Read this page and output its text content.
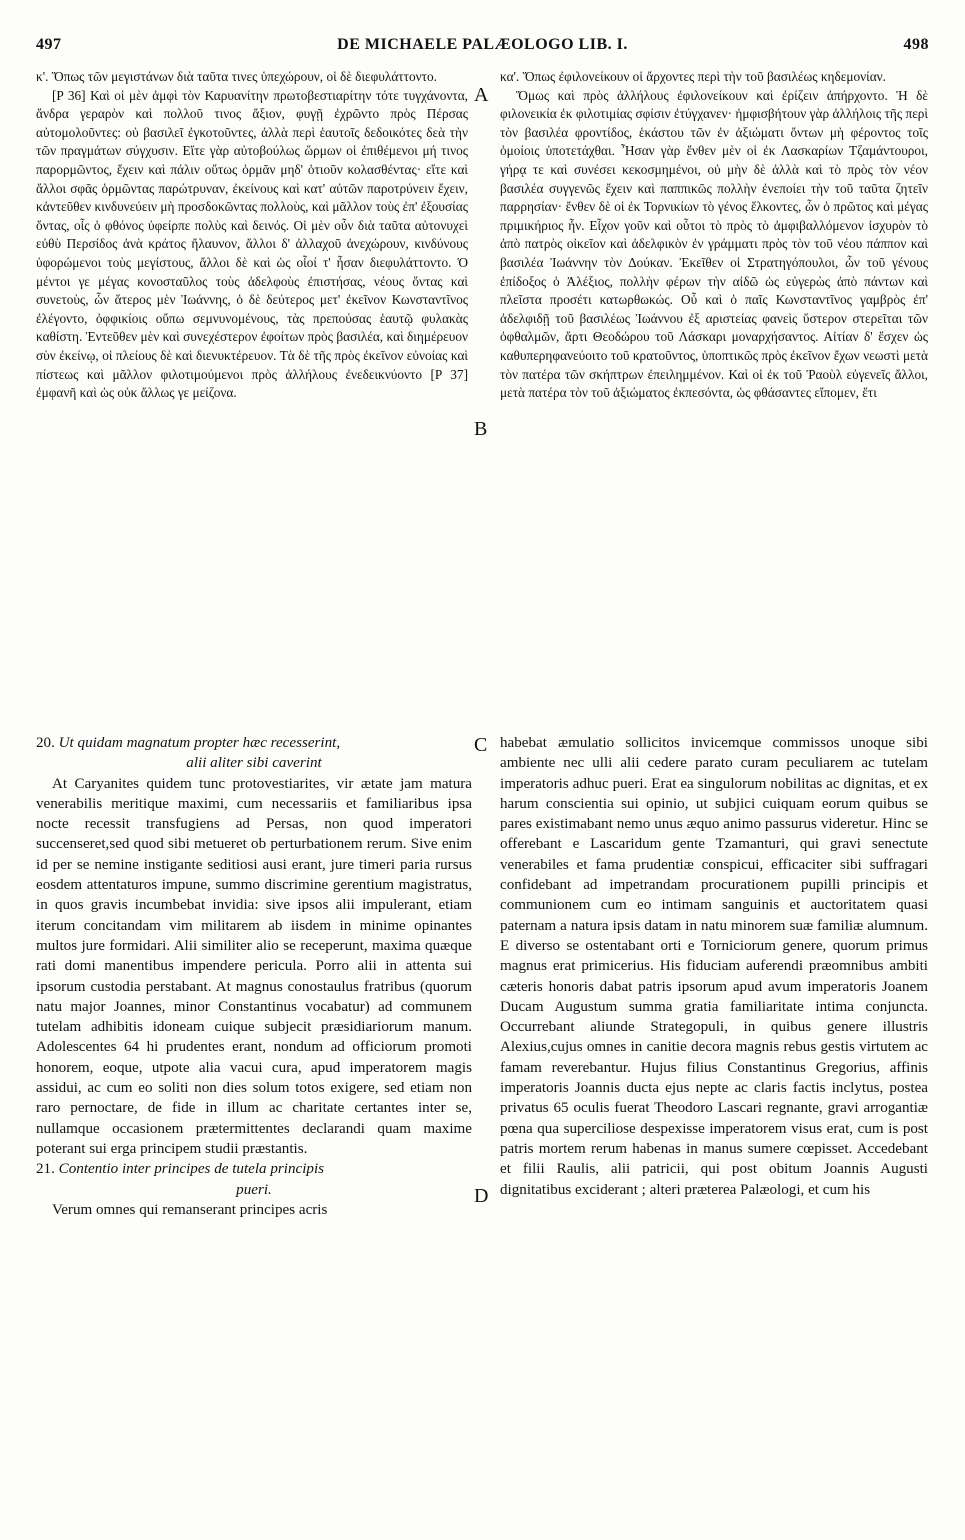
497	DE MICHAELE PALÆOLOGO LIB. I.	498
A
B
C
D
κ'. Ὅπως τῶν μεγιστάνων διὰ ταῦτα τινες ὑπεχώρουν, οἱ δὲ διεφυλάττοντο.
[P 36] Καὶ οἱ μὲν ἀμφὶ τὸν Καρυανίτην πρωτοβεστιαρίτην τότε τυγχάνοντα, ἄνδρα γεραρὸν καὶ πολλοῦ τινος ἄξιον, φυγῇ ἐχρῶντο πρὸς Πέρσας αὐτομολοῦντες: οὐ βασιλεῖ ἐγκοτοῦντες, ἀλλὰ περὶ ἑαυτοῖς δεδοικότες δεὰ τὴν τῶν πραγμάτων σύγχυσιν. Εἴτε γὰρ αὐτοβούλως ὥρμων οἱ ἐπιθέμενοι μή τινος παρορμῶντος, ἔχειν καὶ πάλιν οὕτως ὁρμᾶν μηδ' ὁτιοῦν κολασθέντας· εἴτε καὶ ἄλλοι σφᾶς ὁρμῶντας παρώτρυναν, ἐκείνους καὶ κατ' αὐτῶν παροτρύνειν ἔχειν, κἀντεῦθεν κινδυνεύειν μὴ προσδοκῶντας πολλοὺς, καὶ μᾶλλον τοὺς ἐπ' ἐξουσίας ὄντας, οἷς ὁ φθόνος ὑφείρπε πολὺς καὶ δεινός. Οἱ μὲν οὖν διὰ ταῦτα αὐτονυχεὶ εὐθὺ Περσίδος ἀνὰ κράτος ἤλαυνον, ἄλλοι δ' ἀλλαχοῦ ἀνεχώρουν, κινδύνους ὑφορώμενοι τοὺς μεγίστους, ἄλλοι δὲ καὶ ὡς οἷοί τ' ἦσαν διεφυλάττοντο. Ὁ μέντοι γε μέγας κονοσταῦλος τοὺς ἀδελφοὺς ἐπιστήσας, νέους ὄντας καὶ συνετοὺς, ὧν ἅτερος μὲν Ἰωάννης, ὁ δὲ δεύτερος μετ' ἐκεῖνον Κωνσταντῖνος ἐλέγοντο, ὀφφικίοις οὔπω σεμνυνομένους, τὰς πρεπούσας ἑαυτῷ φυλακὰς καθίστη. Ἐντεῦθεν μὲν καὶ συνεχέστερον ἐφοίτων πρὸς βασιλέα, καὶ διημέρευον σὺν ἐκείνῳ, οἱ πλείους δὲ καὶ διενυκτέρευον. Τὰ δὲ τῆς πρὸς ἐκεῖνον εὐνοίας καὶ πίστεως καὶ μᾶλλον φιλοτιμούμενοι πρὸς ἀλλήλους ἐνεδεικνύοντο [P 37] ἐμφανῆ καὶ ὡς οὐκ ἄλλως γε μείζονα.
κα'. Ὅπως ἐφιλονείκουν οἱ ἄρχοντες περὶ τὴν τοῦ βασιλέως κηδεμονίαν.
Ὅμως καὶ πρὸς ἀλλήλους ἐφιλονείκουν καὶ ἐρίζειν ἀπήρχοντο. Ἡ δὲ φιλονεικία ἐκ φιλοτιμίας σφίσιν ἐτύγχανεν· ἠμφισβήτουν γὰρ ἀλλήλοις τῆς περὶ τὸν βασιλέα φροντίδος, ἑκάστου τῶν ἐν ἀξιώματι ὄντων μὴ φέροντος τοῖς ὁμοίοις ὑποτετάχθαι. Ἦσαν γὰρ ἔνθεν μὲν οἱ ἐκ Λασκαρίων Τζαμάντουροι, γήρᾳ τε καὶ συνέσει κεκοσμημένοι, οὐ μὴν δὲ ἀλλὰ καὶ τὸ πρὸς τὸν νέον βασιλέα συγγενῶς ἔχειν καὶ παππικῶς πολλὴν ἐνεποίει τὴν τοῦ ταῦτα ζητεῖν παρρησίαν· ἔνθεν δὲ οἱ ἐκ Τορνικίων τὸ γένος ἕλκοντες, ὧν ὁ πρῶτος καὶ μέγας πριμικήριος ἦν. Εἶχον γοῦν καὶ οὗτοι τὸ πρὸς τὸ ἀμφιβαλλόμενον ἰσχυρὸν τὸ ἀπὸ πατρὸς οἰκεῖον καὶ ἀδελφικὸν ἐν γράμματι πρὸς τὸν τοῦ νέου πάππον καὶ βασιλέα Ἰωάννην τὸν Δούκαν. Ἐκεῖθεν οἱ Στρατηγόπουλοι, ὧν τοῦ γένους ἐπίδοξος ὁ Ἀλέξιος, πολλὴν φέρων τὴν αἰδῶ ὡς εὐγερὼς ἀπὸ πάντων καὶ πλεῖστα προσέτι κατωρθωκώς. Οὗ καὶ ὁ παῖς Κωνσταντῖνος γαμβρὸς ἐπ' ἀδελφιδῇ τοῦ βασιλέως Ἰωάννου ἐξ αριστείας φανεὶς ὕστερον στερεῖται τῶν ὀφθαλμῶν, ἄρτι Θεοδώρου τοῦ Λάσκαρι μοναρχήσαντος. Αἰτίαν δ' ἔσχεν ὡς καθυπερηφανεύοιτο τοῦ κρατοῦντος, ὑποπτικῶς πρὸς ἐκεῖνον ἔχων νεωστὶ μετὰ τὸν πατέρα τῶν σκήπτρων ἐπειλημμένον. Καὶ οἱ ἐκ τοῦ Ῥαοὺλ εὐγενεῖς ἄλλοι, μετὰ πατέρα τὸν τοῦ ἀξιώματος ἐκπεσόντα, ὡς φθάσαντες εἴπομεν, ἔτι
20. Ut quidam magnatum propter hæc recesserint,
alii aliter sibi caverint
At Caryanites quidem tunc protovestiarites, vir ætate jam matura venerabilis meritique maximi, cum necessariis et familiaribus ipsa nocte recessit transfugiens ad Persas, non quod imperatori succenseret,sed quod sibi metueret ob perturbationem rerum. Sive enim id per se nemine instigante seditiosi ausi erant, jure timeri paria rursus eosdem attentaturos impune, summo discrimine gerentium magistratus, in quos gravis incumbebat invidia: sive ipsos alii impulerant, etiam iterum concitandam vim militarem ab iisdem in minime opinantes multos jure formidari. Alii similiter alio se receperunt, maxima quæque rati domi manentibus impendere pericula. Porro alii in attenta sui ipsorum custodia perstabant. At magnus conostaulus fratribus (quorum natu major Joannes, minor Constantinus vocabatur) ad communem tutelam adhibitis idoneam cuique subjecit præsidiariorum manum. Adolescentes 64 hi prudentes erant, nondum ad officiorum promoti honorem, eoque, utpote alia vacui cura, apud imperatorem magis assidui, ac cum eo soliti non dies solum totos exigere, sed etiam non raro pernoctare, de fide in illum ac charitate certantes inter se, nullamque occasionem prætermittentes declarandi quam maxime poterant sui erga principem studii præstantis.
21. Contentio inter principes de tutela principis
pueri.
Verum omnes qui remanserant principes acris
habebat æmulatio sollicitos invicemque commissos unoque sibi ambiente nec ulli alii cedere parato curam peculiarem ac tutelam imperatoris adhuc pueri. Erat ea singulorum nobilitas ac dignitas, et ex harum conscientia sui opinio, ut subjici cuiquam eorum quibus se pares existimabant nemo unus æquo animo passurus videretur. Hinc se offerebant e Lascaridum gente Tzamanturi, qui gravi senectute venerabiles et fama prudentiæ conspicui, efficaciter sibi suffragari confidebant ad impetrandam procurationem pupilli principis et communionem cum eo intimam sanguinis et auctoritatem quasi paternam a natura ipsis datam in natu minorem suæ familiæ alumnum. E diverso se ostentabant orti e Torniciorum genere, quorum primus magnus erat primicerius. His fiduciam auferendi præomnibus ambiti cæteris honoris dabat patris ipsorum apud avum imperatoris Joanem Ducam Augustum summa gratia familiaritate intima conjuncta. Occurrebant aliunde Strategopuli, in quibus genere illustris Alexius,cujus omnes in canitie decora magnis rebus gestis virtutem ac famam reverebantur. Hujus filius Constantinus Gregorius, affinis imperatoris Joannis ducta ejus nepte ac claris factis inclytus, postea privatus 65 oculis fuerat Theodoro Lascari regnante, gravi arrogantiæ pœna qua superciliose despexisse imperatorem visus erat, cum is post patris mortem rerum habenas in manus sumere cœpisset. Accedebant et filii Raulis, alii patricii, qui post obitum Joannis Augusti dignitatibus exciderant ; alteri præterea Palæologi, et cum his
